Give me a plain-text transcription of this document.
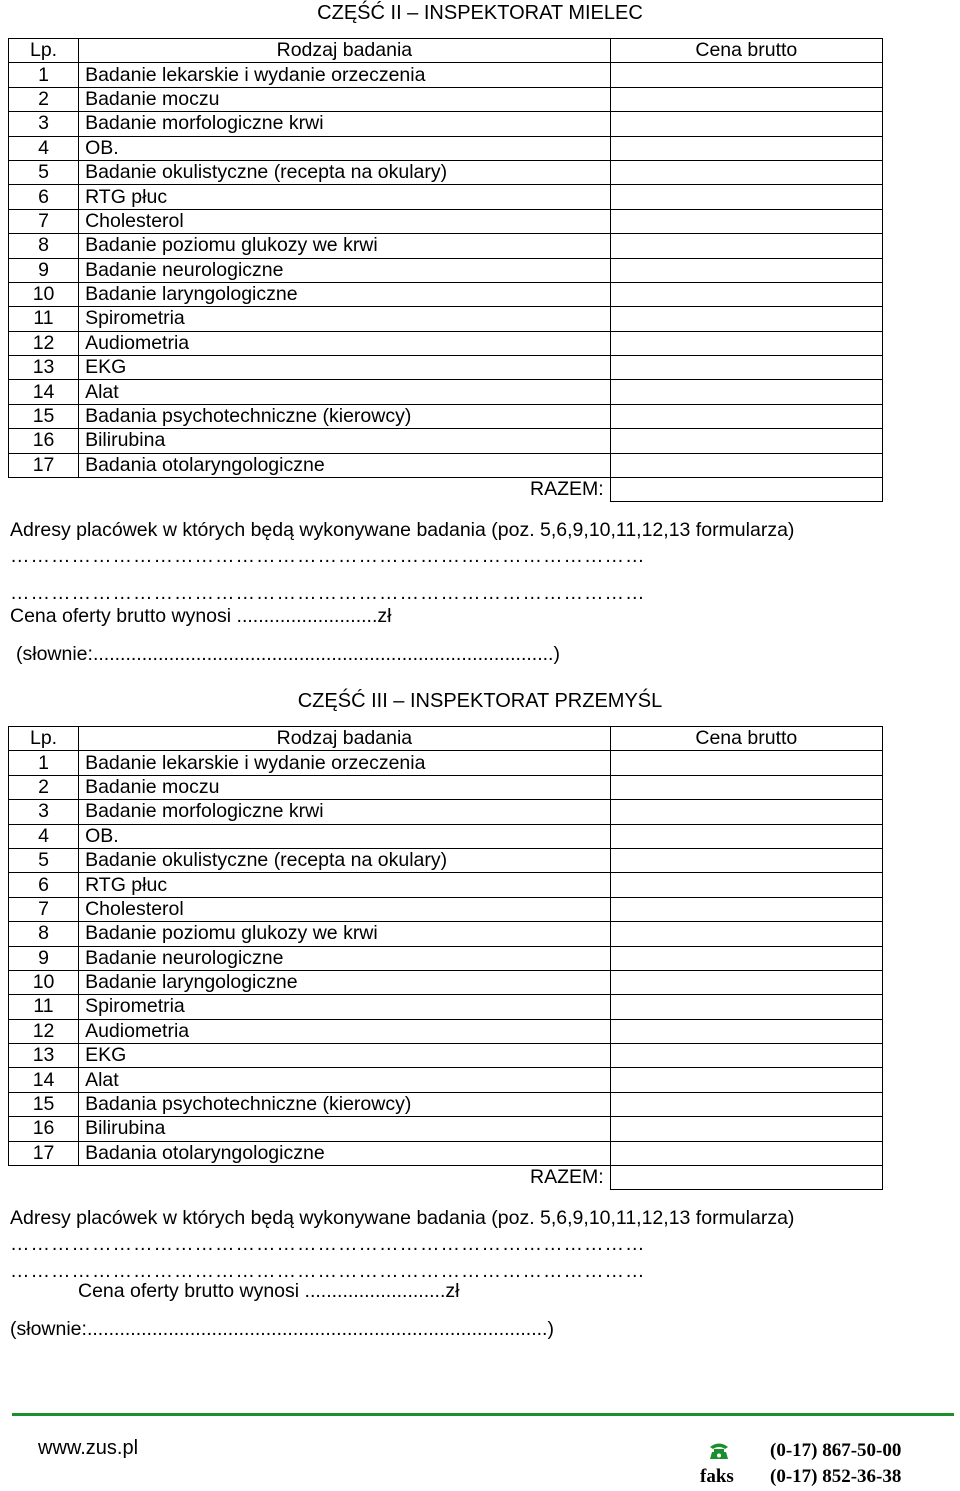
CZĘŚĆ II – INSPEKTORAT MIELEC
Lp.	Rodzaj badania	Cena brutto
1	Badanie lekarskie i wydanie orzeczenia	
2	Badanie moczu	
3	Badanie morfologiczne krwi	
4	OB.	
5	Badanie okulistyczne (recepta na okulary)	
6	RTG płuc	
7	Cholesterol	
8	Badanie poziomu glukozy we krwi	
9	Badanie neurologiczne	
10	Badanie laryngologiczne	
11	Spirometria	
12	Audiometria	
13	EKG	
14	Alat	
15	Badania psychotechniczne (kierowcy)	
16	Bilirubina	
17	Badania otolaryngologiczne	
RAZEM:		
Adresy placówek w których będą wykonywane badania (poz. 5,6,9,10,11,12,13 formularza)
…………………………………………………………………………………
…………………………………………………………………………………
Cena oferty brutto wynosi ..........................zł
(słownie:.....................................................................................)
CZĘŚĆ III – INSPEKTORAT PRZEMYŚL
Lp.	Rodzaj badania	Cena brutto
1	Badanie lekarskie i wydanie orzeczenia	
2	Badanie moczu	
3	Badanie morfologiczne krwi	
4	OB.	
5	Badanie okulistyczne (recepta na okulary)	
6	RTG płuc	
7	Cholesterol	
8	Badanie poziomu glukozy we krwi	
9	Badanie neurologiczne	
10	Badanie laryngologiczne	
11	Spirometria	
12	Audiometria	
13	EKG	
14	Alat	
15	Badania psychotechniczne (kierowcy)	
16	Bilirubina	
17	Badania otolaryngologiczne	
RAZEM:		
Adresy placówek w których będą wykonywane badania (poz. 5,6,9,10,11,12,13 formularza)
…………………………………………………………………………………
…………………………………………………………………………………
Cena oferty brutto wynosi ..........................zł
(słownie:.....................................................................................)
www.zus.pl	(0-17) 867-50-00
faks (0-17) 852-36-38
